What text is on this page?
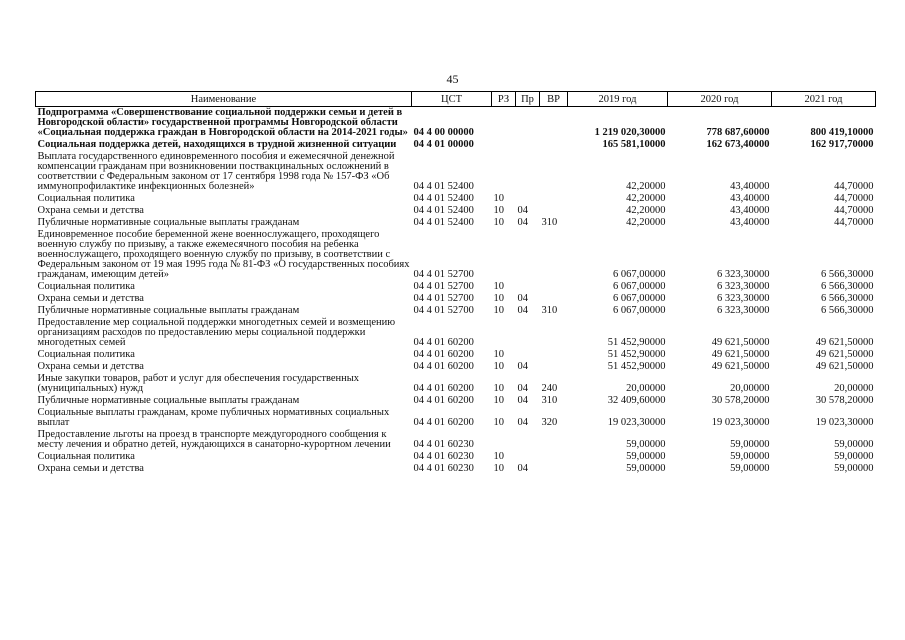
45
Наименование	ЦСТ	РЗ	Пр	ВР	2019 год	2020 год	2021 год
Подпрограмма «Совершенствование социальной поддержки семьи и детей в Новгородской области» государственной программы Новгородской области «Социальная поддержка граждан в Новгородской области на 2014-2021 годы»	04 4 00 00000				1 219 020,30000	778 687,60000	800 419,10000
Социальная поддержка детей, находящихся в трудной жизненной ситуации	04 4 01 00000				165 581,10000	162 673,40000	162 917,70000
Выплата государственного единовременного пособия и ежемесячной денежной компенсации гражданам при возникновении поствакцинальных осложнений в соответствии с Федеральным законом от 17 сентября 1998 года № 157-ФЗ «Об иммунопрофилактике инфекционных болезней»	04 4 01 52400				42,20000	43,40000	44,70000
Социальная политика	04 4 01 52400	10			42,20000	43,40000	44,70000
Охрана семьи и детства	04 4 01 52400	10	04		42,20000	43,40000	44,70000
Публичные нормативные социальные выплаты гражданам	04 4 01 52400	10	04	310	42,20000	43,40000	44,70000
Единовременное пособие беременной жене военнослужащего, проходящего военную службу по призыву, а также ежемесячного пособия на ребенка военнослужащего, проходящего военную службу по призыву, в соответствии с Федеральным законом от 19 мая 1995 года № 81-ФЗ «О государственных пособиях гражданам, имеющим детей»	04 4 01 52700				6 067,00000	6 323,30000	6 566,30000
Социальная политика	04 4 01 52700	10			6 067,00000	6 323,30000	6 566,30000
Охрана семьи и детства	04 4 01 52700	10	04		6 067,00000	6 323,30000	6 566,30000
Публичные нормативные социальные выплаты гражданам	04 4 01 52700	10	04	310	6 067,00000	6 323,30000	6 566,30000
Предоставление мер социальной поддержки многодетных семей и возмещению организациям расходов по предоставлению меры социальной поддержки многодетных семей	04 4 01 60200				51 452,90000	49 621,50000	49 621,50000
Социальная политика	04 4 01 60200	10			51 452,90000	49 621,50000	49 621,50000
Охрана семьи и детства	04 4 01 60200	10	04		51 452,90000	49 621,50000	49 621,50000
Иные закупки товаров, работ и услуг для обеспечения государственных (муниципальных) нужд	04 4 01 60200	10	04	240	20,00000	20,00000	20,00000
Публичные нормативные социальные выплаты гражданам	04 4 01 60200	10	04	310	32 409,60000	30 578,20000	30 578,20000
Социальные выплаты гражданам, кроме публичных нормативных социальных выплат	04 4 01 60200	10	04	320	19 023,30000	19 023,30000	19 023,30000
Предоставление льготы на проезд в транспорте междугородного сообщения к месту лечения и обратно детей, нуждающихся в санаторно-курортном лечении	04 4 01 60230				59,00000	59,00000	59,00000
Социальная политика	04 4 01 60230	10			59,00000	59,00000	59,00000
Охрана семьи и детства	04 4 01 60230	10	04		59,00000	59,00000	59,00000
